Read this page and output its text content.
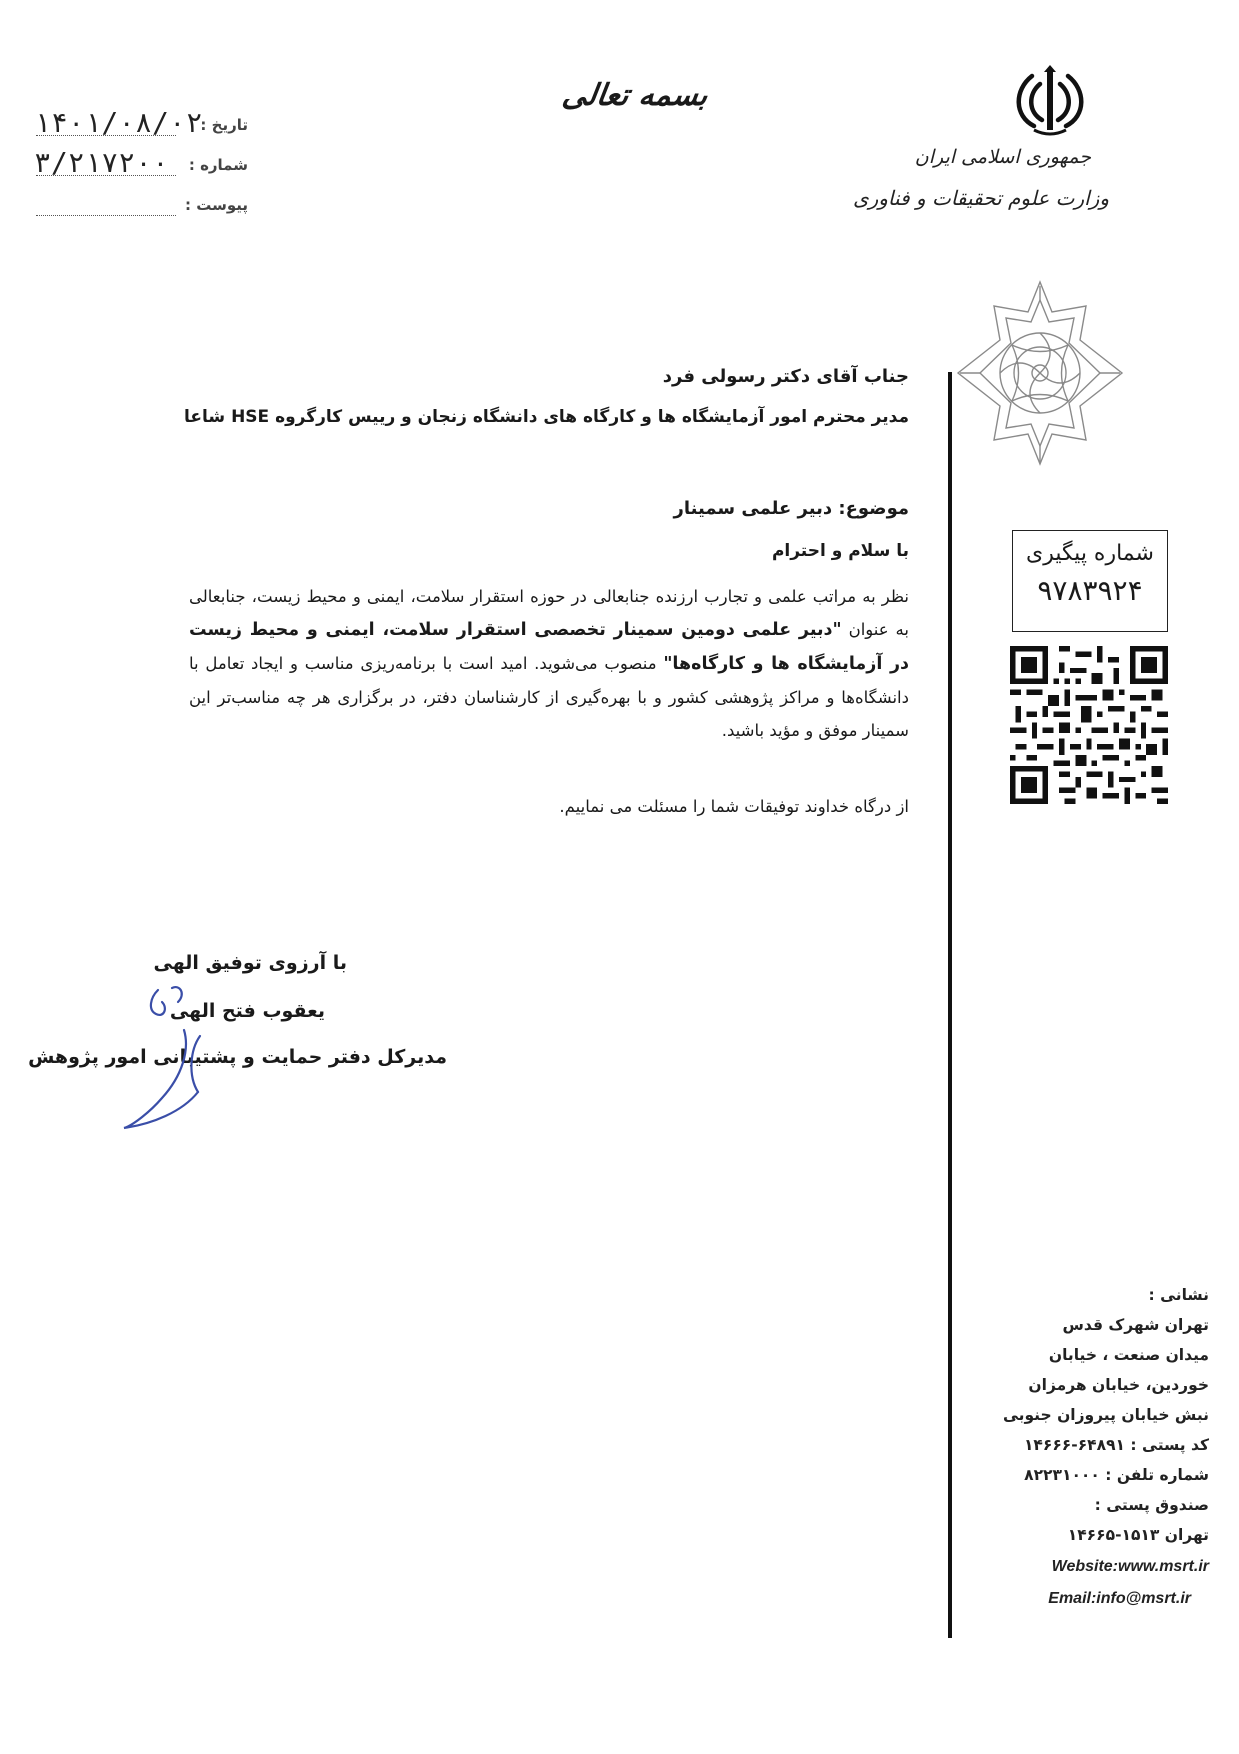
بسمه تعالی
تاریخ :
۱۴۰۱/۰۸/۰۲
شماره :
۳/۲۱۷۲۰۰
پیوست :
جمهوری اسلامی ایران
وزارت علوم تحقیقات و فناوری
شماره پیگیری
۹۷۸۳۹۲۴
جناب آقای دکتر رسولی فرد
مدیر محترم امور آزمایشگاه ها و کارگاه های دانشگاه زنجان و رییس کارگروه HSE شاعا
موضوع: دبیر علمی سمینار
با سلام و احترام
نظر به مراتب علمی و تجارب ارزنده جنابعالی در حوزه استقرار سلامت، ایمنی و محیط زیست، جنابعالی به عنوان "دبیر علمی دومین سمینار تخصصی استقرار سلامت، ایمنی و محیط زیست در آزمایشگاه ها و کارگاه‌ها" منصوب می‌شوید. امید است با برنامه‌ریزی مناسب و ایجاد تعامل با دانشگاه‌ها و مراکز پژوهشی کشور و با بهره‌گیری از کارشناسان دفتر، در برگزاری هر چه مناسب‌تر این سمینار موفق و مؤید باشید.
از درگاه خداوند توفیقات شما را مسئلت می نماییم.
با آرزوی توفیق الهی
یعقوب فتح الهی
مدیرکل دفتر حمایت و پشتیبانی امور پژوهش
نشانی :
تهران شهرک قدس
میدان صنعت ، خیابان
خوردین، خیابان هرمزان
نبش خیابان پیروزان جنوبی
کد پستی : ۶۴۸۹۱-۱۴۶۶۶
شماره تلفن : ۸۲۲۳۱۰۰۰
صندوق پستی :
تهران ۱۵۱۳-۱۴۶۶۵
Website:www.msrt.ir
Email:info@msrt.ir
